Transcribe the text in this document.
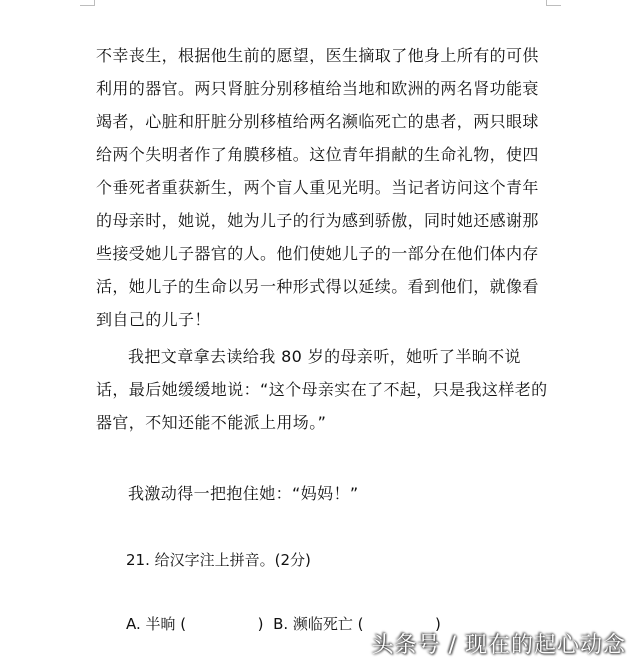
不幸丧生，根据他生前的愿望，医生摘取了他身上所有的可供利用的器官。两只肾脏分别移植给当地和欧洲的两名肾功能衰竭者，心脏和肝脏分别移植给两名濒临死亡的患者，两只眼球给两个失明者作了角膜移植。这位青年捐献的生命礼物，使四个垂死者重获新生，两个盲人重见光明。当记者访问这个青年的母亲时，她说，她为儿子的行为感到骄傲，同时她还感谢那些接受她儿子器官的人。他们使她儿子的一部分在他们体内存活，她儿子的生命以另一种形式得以延续。看到他们，就像看到自己的儿子！
我把文章拿去读给我 80 岁的母亲听，她听了半晌不说话，最后她缓缓地说：“这个母亲实在了不起，只是我这样老的器官，不知还能不能派上用场。”
我激动得一把抱住她：“妈妈！”
21. 给汉字注上拼音。(2分)
A. 半晌 (               )  B. 濒临死亡 (               )
头条号 / 现在的起心动念
